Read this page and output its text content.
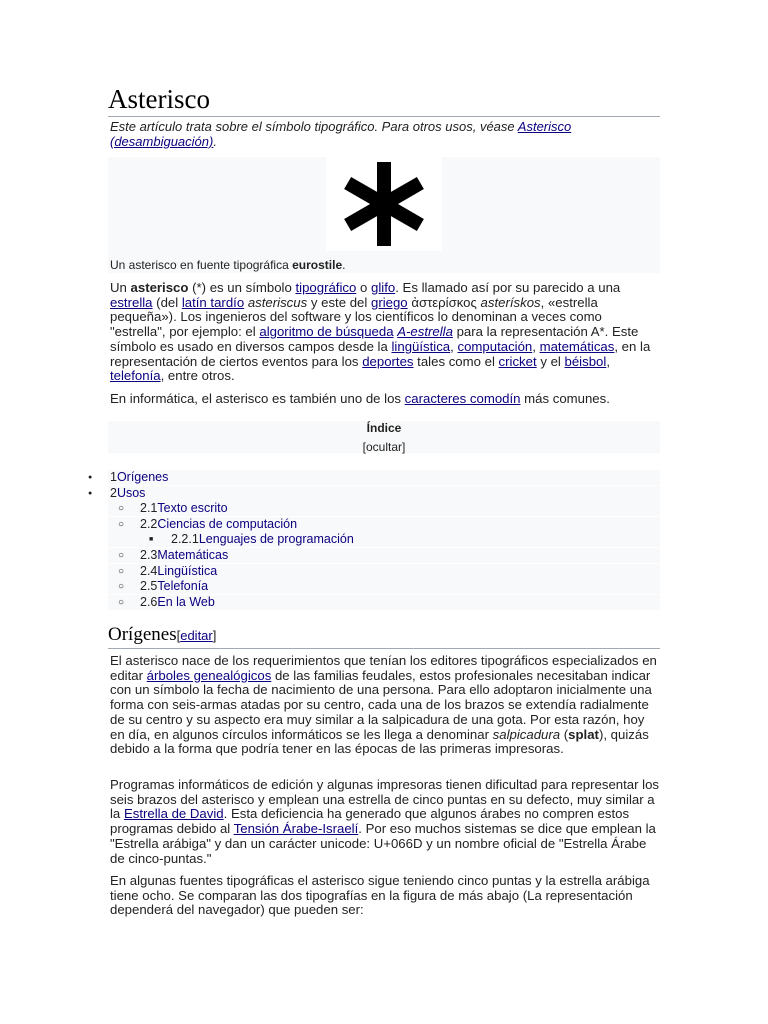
Asterisco
Este artículo trata sobre el símbolo tipográfico. Para otros usos, véase Asterisco (desambiguación).
Un asterisco en fuente tipográfica eurostile.

Un asterisco (*) es un símbolo tipográfico o glifo. Es llamado así por su parecido a una estrella (del latín tardío asteriscus y este del griego ἀστερίσκος asterískos, «estrella pequeña»). Los ingenieros del software y los científicos lo denominan a veces como "estrella", por ejemplo: el algoritmo de búsqueda A-estrella para la representación A*. Este símbolo es usado en diversos campos desde la lingüística, computación, matemáticas, en la representación de ciertos eventos para los deportes tales como el cricket y el béisbol, telefonía, entre otros.

En informática, el asterisco es también uno de los caracteres comodín más comunes.

Índice
[ocultar]
● 1Orígenes
● 2Usos
○ 2.1Texto escrito
○ 2.2Ciencias de computación
■ 2.2.1Lenguajes de programación
○ 2.3Matemáticas
○ 2.4Lingüística
○ 2.5Telefonía
○ 2.6En la Web
Orígenes[editar]

El asterisco nace de los requerimientos que tenían los editores tipográficos especializados en editar árboles genealógicos de las familias feudales, estos profesionales necesitaban indicar con un símbolo la fecha de nacimiento de una persona. Para ello adoptaron inicialmente una forma con seis-armas atadas por su centro, cada una de los brazos se extendía radialmente de su centro y su aspecto era muy similar a la salpicadura de una gota. Por esta razón, hoy en día, en algunos círculos informáticos se les llega a denominar salpicadura (splat), quizás debido a la forma que podría tener en las épocas de las primeras impresoras.

Programas informáticos de edición y algunas impresoras tienen dificultad para representar los seis brazos del asterisco y emplean una estrella de cinco puntas en su defecto, muy similar a la Estrella de David. Esta deficiencia ha generado que algunos árabes no compren estos programas debido al Tensión Árabe-Israelí. Por eso muchos sistemas se dice que emplean la "Estrella arábiga" y dan un carácter unicode: U+066D y un nombre oficial de "Estrella Árabe de cinco-puntas."

En algunas fuentes tipográficas el asterisco sigue teniendo cinco puntas y la estrella arábiga tiene ocho. Se comparan las dos tipografías en la figura de más abajo (La representación dependerá del navegador) que pueden ser:
